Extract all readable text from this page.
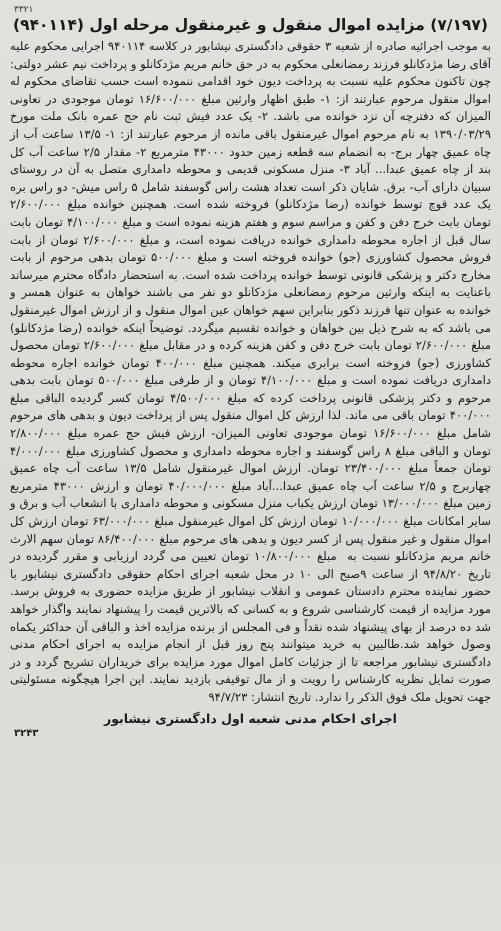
۳۳۲۱
(۷/۱۹۷) مزایده اموال منقول و غیرمنقول مرحله اول (۹۴۰۱۱۴)

به موجب اجرائیه صادره از شعبه ۳ حقوقی دادگستری نیشابور در کلاسه ۹۴۰۱۱۴ اجرایی محکوم علیه آقای رضا مژدکانلو فرزند رمضانعلی محکوم به در حق خانم مریم مژدکانلو و پرداخت نیم عشر دولتی: چون تاکنون محکوم علیه نسبت به پرداخت دیون خود اقدامی ننموده است حسب تقاضای محکوم له اموال منقول مرحوم عبارتند از: ۱- طبق اظهار وارثین مبلغ ۱۶/۶۰۰/۰۰۰ تومان موجودی در تعاونی المیزان که دفترچه آن نزد خوانده می باشد. ۲- یک عدد فیش ثبت نام حج عمره بانک ملت مورخ ۱۳۹۰/۰۳/۲۹ به نام مرحوم اموال غیرمنقول باقی مانده از مرحوم عبارتند از: ۱- ۱۳/۵ ساعت آب از چاه عمیق چهار برج- به انضمام سه قطعه زمین حدود ۴۳۰۰۰ مترمربع ۲- مقدار ۲/۵ ساعت آب کل بند از چاه عمیق عبدا... آباد ۳- منزل مسکونی قدیمی و محوطه دامداری متصل به آن در روستای سبیان دارای آب- برق. شایان ذکر است تعداد هشت راس گوسفند شامل ۵ راس میش- دو راس بره یک عدد قوچ توسط خوانده (رضا مژدکانلو) فروخته شده است. همچنین خوانده مبلغ ۲/۶۰۰/۰۰۰ تومان بابت خرج دفن و کفن و مراسم سوم و هفتم هزینه نموده است و مبلغ ۴/۱۰۰/۰۰۰ تومان بابت سال قبل از اجاره محوطه دامداری خوانده دریافت نموده است، و مبلغ ۲/۶۰۰/۰۰۰ تومان از بابت فروش محصول کشاورزی (جو) خوانده فروخته است و مبلغ ۵۰۰/۰۰۰ تومان بدهی مرحوم از بابت مخارج دکتر و پزشکی قانونی توسط خوانده پرداخت شده است. به استحضار دادگاه محترم میرساند باعنایت به اینکه وارثین مرحوم رمضانعلی مژدکانلو دو نفر می باشند خواهان به عنوان همسر و خوانده به عنوان تنها فرزند ذکور بنابراین سهم خواهان عین اموال منقول و از ارزش اموال غیرمنقول می باشد که به شرح ذیل بین خواهان و خوانده تقسیم میگردد. توضیحاً اینکه خوانده (رضا مژدکانلو) مبلغ ۲/۶۰۰/۰۰۰ تومان بابت خرج دفن و کفن هزینه کرده و در مقابل مبلغ ۲/۶۰۰/۰۰۰ تومان محصول کشاورزی (جو) فروخته است برابری میکند. همچنین مبلغ ۴۰۰/۰۰۰ تومان خوانده اجاره محوطه دامداری دریافت نموده است و مبلغ ۴/۱۰۰/۰۰۰ تومان و از طرفی مبلغ ۵۰۰/۰۰۰ تومان بابت بدهی مرحوم و دکتر پزشکی قانونی پرداخت کرده که مبلغ ۴/۵۰۰/۰۰۰ تومان کسر گردیده الباقی مبلغ ۴۰۰/۰۰۰ تومان باقی می ماند. لذا ارزش کل اموال منقول پس از پرداخت دیون و بدهی های مرحوم شامل مبلغ ۱۶/۶۰۰/۰۰۰ تومان موجودی تعاونی المیزان- ارزش فیش حج عمره مبلغ ۲/۸۰۰/۰۰۰ تومان و الباقی مبلغ ۸ راس گوسفند و اجاره محوطه دامداری و محصول کشاورزی مبلغ ۴/۰۰۰/۰۰۰ تومان جمعاً مبلغ ۲۳/۴۰۰/۰۰۰ تومان. ارزش اموال غیرمنقول شامل ۱۳/۵ ساعت آب چاه عمیق چهاربرج و ۲/۵ ساعت آب چاه عمیق عبدا...آباد مبلغ ۴۰/۰۰۰/۰۰۰ تومان و ارزش ۴۳۰۰۰ مترمربع زمین مبلغ ۱۳/۰۰۰/۰۰۰ تومان ارزش یکباب منزل مسکونی و محوطه دامداری با انشعاب آب و برق و سایر امکانات مبلغ ۱۰/۰۰۰/۰۰۰ تومان ارزش کل اموال غیرمنقول مبلغ ۶۳/۰۰۰/۰۰۰ تومان ارزش کل اموال منقول و غیر منقول پس از کسر دیون و بدهی های مرحوم مبلغ ۸۶/۴۰۰/۰۰۰ تومان سهم الارث خانم مریم مژدکانلو نسبت به  مبلغ ۱۰/۸۰۰/۰۰۰ تومان تعیین می گردد ارزیابی و مقرر گردیده در تاریخ ۹۴/۸/۲۰ از ساعت ۹صبح الی ۱۰ در محل شعبه اجرای احکام حقوقی دادگستری نیشابور با حضور نماینده محترم دادستان عمومی و انقلاب نیشابور از طریق مزایده حضوری به فروش برسد. مورد مزایده از قیمت کارشناسی شروع و به کسانی که بالاترین قیمت را پیشنهاد نمایند واگذار خواهد شد ده درصد از بهای پیشنهاد شده نقداً و فی المجلس از برنده مزایده اخذ و الباقی آن حداکثر یکماه وصول خواهد شد.طالبین به خرید میتوانند پنج روز قبل از انجام مزایده به اجرای احکام مدنی دادگستری نیشابور مراجعه تا از جزئیات کامل اموال مورد مزایده برای خریداران تشریح گردد و در صورت تمایل نظریه کارشناس را رویت و از مال توقیفی بازدید نمایند. این اجرا هیچگونه مسئولیتی جهت تحویل ملک فوق الذکر را ندارد. تاریخ انتشار: ۹۴/۷/۲۳

اجرای احکام مدنی شعبه اول دادگستری نیشابور
۳۲۴۳
